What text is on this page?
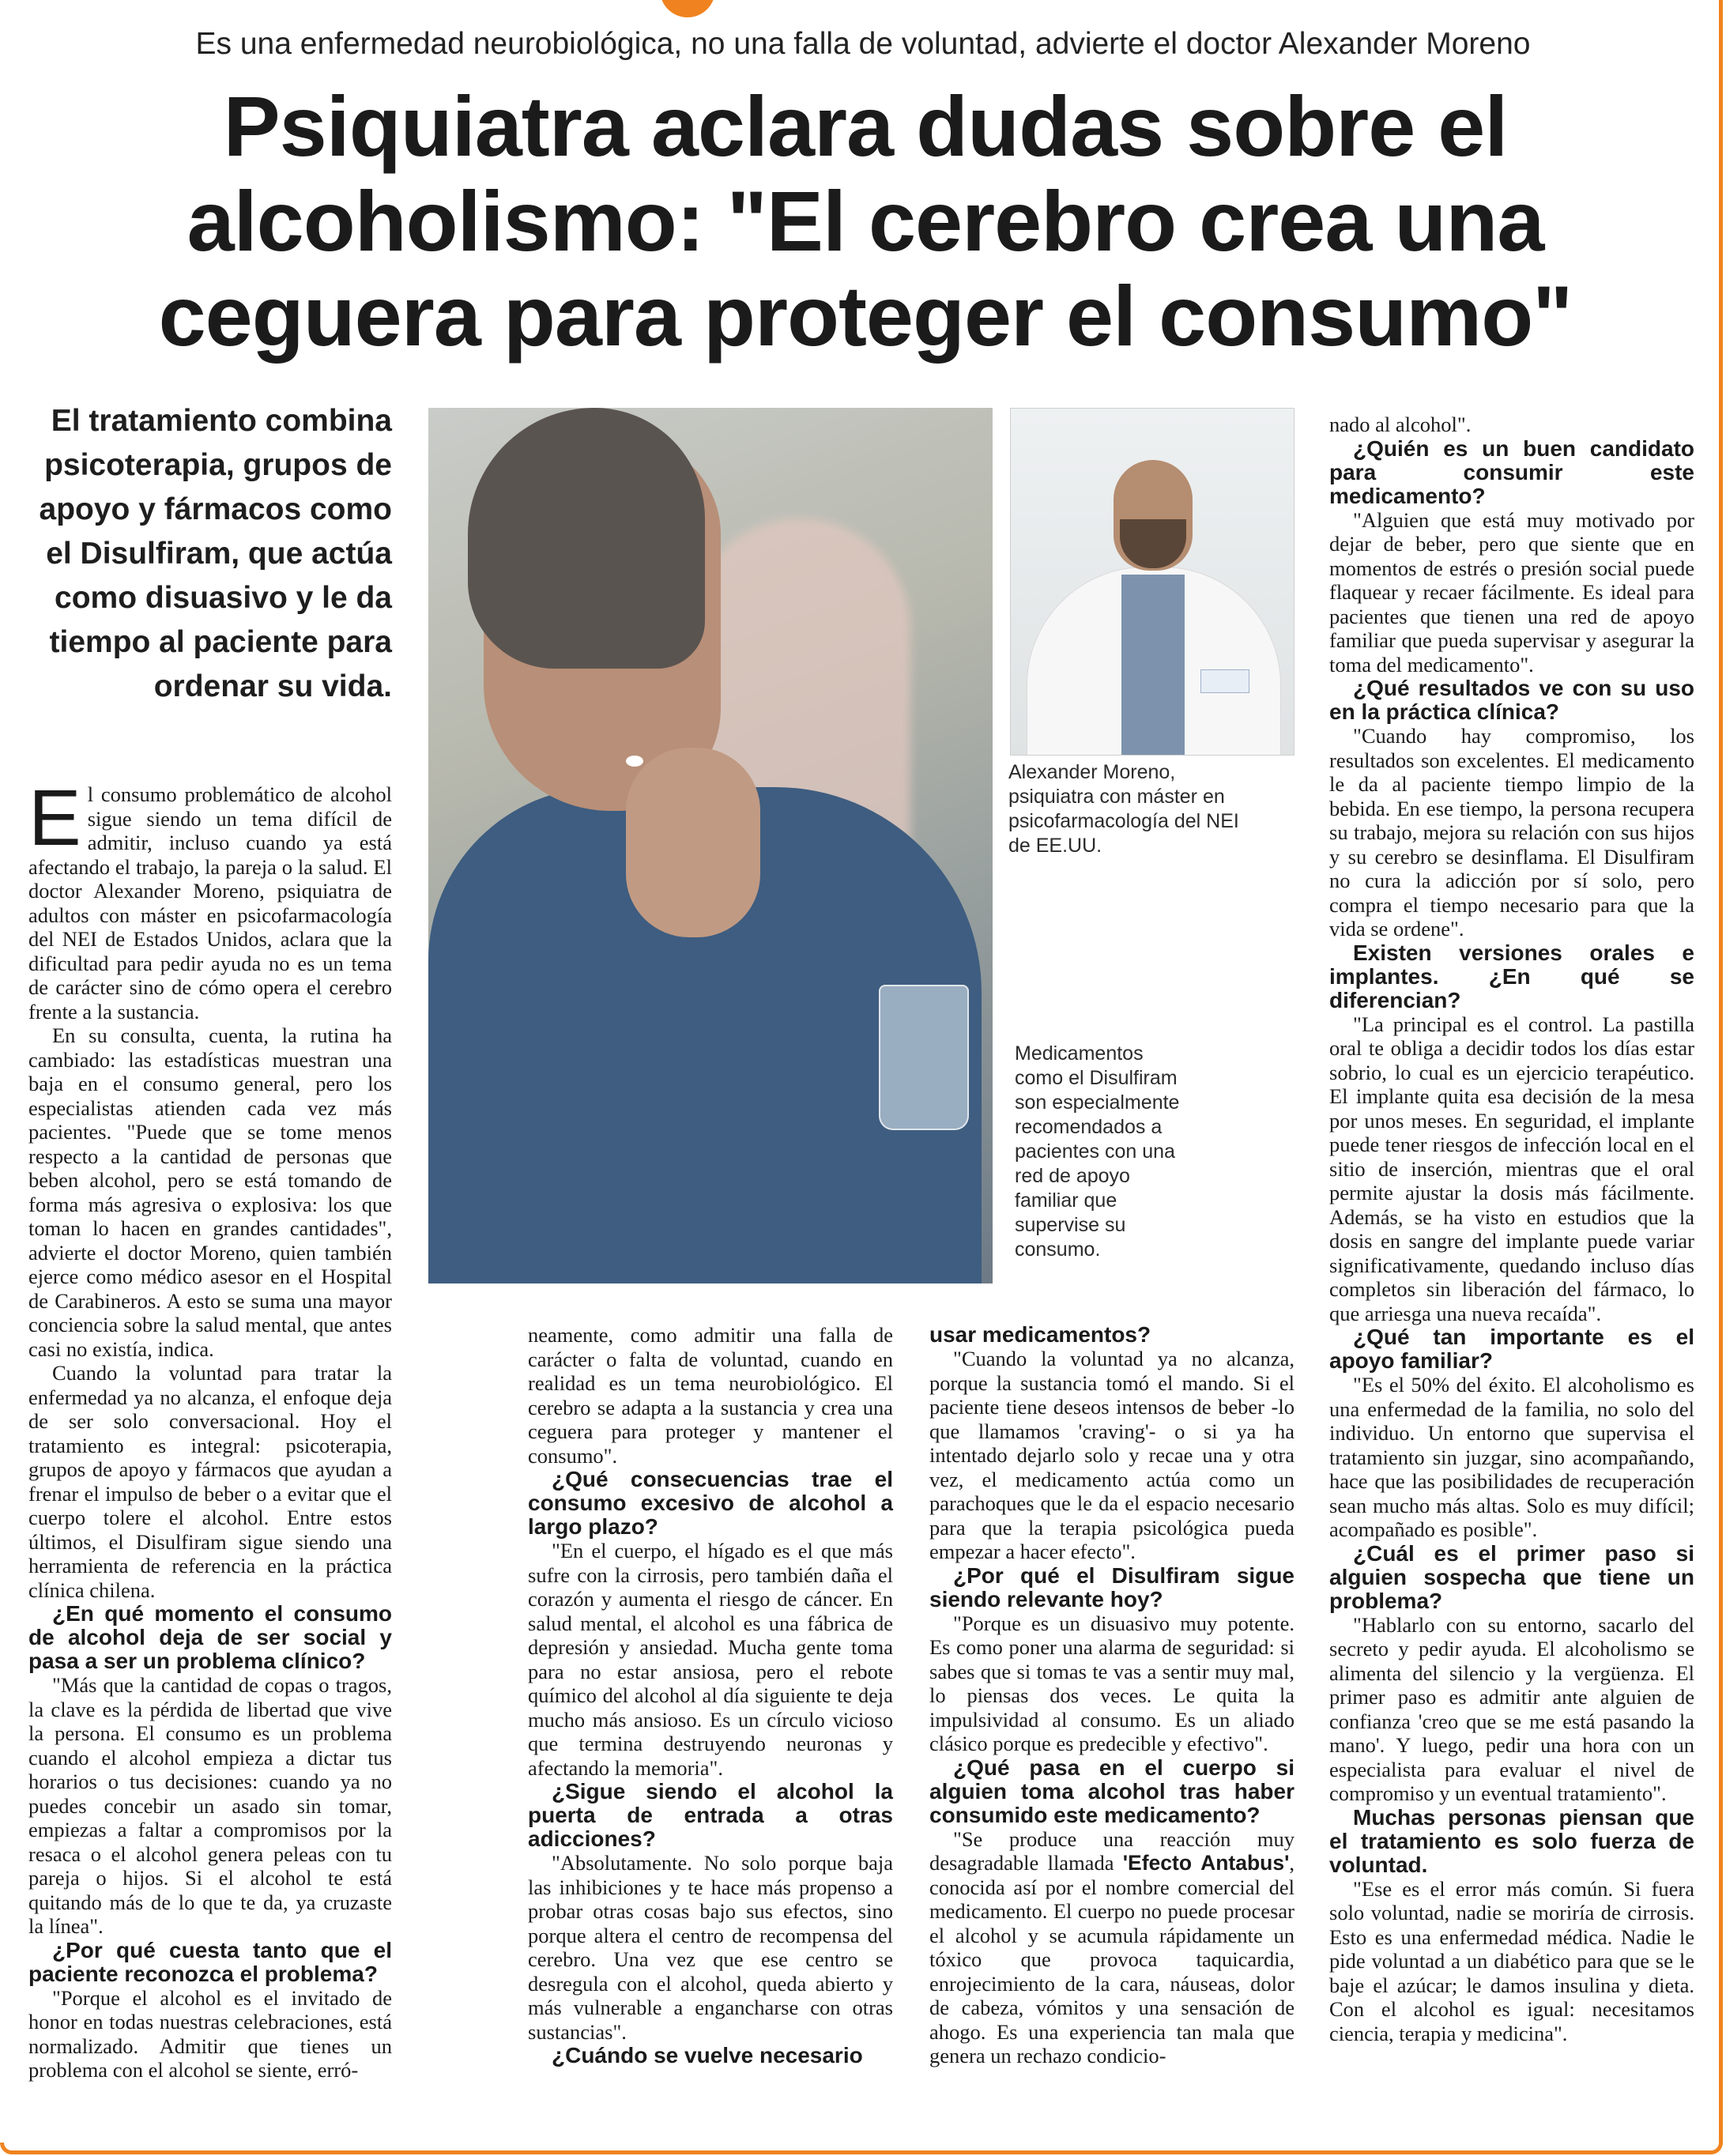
Es una enfermedad neurobiológica, no una falla de voluntad, advierte el doctor Alexander Moreno
Psiquiatra aclara dudas sobre el alcoholismo: "El cerebro crea una ceguera para proteger el consumo"
El tratamiento combina psicoterapia, grupos de apoyo y fármacos como el Disulfiram, que actúa como disuasivo y le da tiempo al paciente para ordenar su vida.
Alexander Moreno, psiquiatra con máster en psicofarmacología del NEI de EE.UU.
Medicamentos como el Disulfiram son especialmente recomendados a pacientes con una red de apoyo familiar que supervise su consumo.

El consumo problemático de alcohol sigue siendo un tema difícil de admitir, incluso cuando ya está afectando el trabajo, la pareja o la salud. El doctor Alexander Moreno, psiquiatra de adultos con máster en psicofarmacología del NEI de Estados Unidos, aclara que la dificultad para pedir ayuda no es un tema de carácter sino de cómo opera el cerebro frente a la sustancia.

En su consulta, cuenta, la rutina ha cambiado: las estadísticas muestran una baja en el consumo general, pero los especialistas atienden cada vez más pacientes. "Puede que se tome menos respecto a la cantidad de personas que beben alcohol, pero se está tomando de forma más agresiva o explosiva: los que toman lo hacen en grandes cantidades", advierte el doctor Moreno, quien también ejerce como médico asesor en el Hospital de Carabineros. A esto se suma una mayor conciencia sobre la salud mental, que antes casi no existía, indica.

Cuando la voluntad para tratar la enfermedad ya no alcanza, el enfoque deja de ser solo conversacional. Hoy el tratamiento es integral: psicoterapia, grupos de apoyo y fármacos que ayudan a frenar el impulso de beber o a evitar que el cuerpo tolere el alcohol. Entre estos últimos, el Disulfiram sigue siendo una herramienta de referencia en la práctica clínica chilena.

¿En qué momento el consumo de alcohol deja de ser social y pasa a ser un problema clínico?

"Más que la cantidad de copas o tragos, la clave es la pérdida de libertad que vive la persona. El consumo es un problema cuando el alcohol empieza a dictar tus horarios o tus decisiones: cuando ya no puedes concebir un asado sin tomar, empiezas a faltar a compromisos por la resaca o el alcohol genera peleas con tu pareja o hijos. Si el alcohol te está quitando más de lo que te da, ya cruzaste la línea".

¿Por qué cuesta tanto que el paciente reconozca el problema?

"Porque el alcohol es el invitado de honor en todas nuestras celebraciones, está normalizado. Admitir que tienes un problema con el alcohol se siente, erró-

neamente, como admitir una falla de carácter o falta de voluntad, cuando en realidad es un tema neurobiológico. El cerebro se adapta a la sustancia y crea una ceguera para proteger y mantener el consumo".

¿Qué consecuencias trae el consumo excesivo de alcohol a largo plazo?

"En el cuerpo, el hígado es el que más sufre con la cirrosis, pero también daña el corazón y aumenta el riesgo de cáncer. En salud mental, el alcohol es una fábrica de depresión y ansiedad. Mucha gente toma para no estar ansiosa, pero el rebote químico del alcohol al día siguiente te deja mucho más ansioso. Es un círculo vicioso que termina destruyendo neuronas y afectando la memoria".

¿Sigue siendo el alcohol la puerta de entrada a otras adicciones?

"Absolutamente. No solo porque baja las inhibiciones y te hace más propenso a probar otras cosas bajo sus efectos, sino porque altera el centro de recompensa del cerebro. Una vez que ese centro se desregula con el alcohol, queda abierto y más vulnerable a engancharse con otras sustancias".

¿Cuándo se vuelve necesario
usar medicamentos?

"Cuando la voluntad ya no alcanza, porque la sustancia tomó el mando. Si el paciente tiene deseos intensos de beber -lo que llamamos 'craving'- o si ya ha intentado dejarlo solo y recae una y otra vez, el medicamento actúa como un parachoques que le da el espacio necesario para que la terapia psicológica pueda empezar a hacer efecto".

¿Por qué el Disulfiram sigue siendo relevante hoy?

"Porque es un disuasivo muy potente. Es como poner una alarma de seguridad: si sabes que si tomas te vas a sentir muy mal, lo piensas dos veces. Le quita la impulsividad al consumo. Es un aliado clásico porque es predecible y efectivo".

¿Qué pasa en el cuerpo si alguien toma alcohol tras haber consumido este medicamento?

"Se produce una reacción muy desagradable llamada 'Efecto Antabus', conocida así por el nombre comercial del medicamento. El cuerpo no puede procesar el alcohol y se acumula rápidamente un tóxico que provoca taquicardia, enrojecimiento de la cara, náuseas, dolor de cabeza, vómitos y una sensación de ahogo. Es una experiencia tan mala que genera un rechazo condicio-

nado al alcohol".

¿Quién es un buen candidato para consumir este medicamento?

"Alguien que está muy motivado por dejar de beber, pero que siente que en momentos de estrés o presión social puede flaquear y recaer fácilmente. Es ideal para pacientes que tienen una red de apoyo familiar que pueda supervisar y asegurar la toma del medicamento".

¿Qué resultados ve con su uso en la práctica clínica?

"Cuando hay compromiso, los resultados son excelentes. El medicamento le da al paciente tiempo limpio de la bebida. En ese tiempo, la persona recupera su trabajo, mejora su relación con sus hijos y su cerebro se desinflama. El Disulfiram no cura la adicción por sí solo, pero compra el tiempo necesario para que la vida se ordene".

Existen versiones orales e implantes. ¿En qué se diferencian?

"La principal es el control. La pastilla oral te obliga a decidir todos los días estar sobrio, lo cual es un ejercicio terapéutico. El implante quita esa decisión de la mesa por unos meses. En seguridad, el implante puede tener riesgos de infección local en el sitio de inserción, mientras que el oral permite ajustar la dosis más fácilmente. Además, se ha visto en estudios que la dosis en sangre del implante puede variar significativamente, quedando incluso días completos sin liberación del fármaco, lo que arriesga una nueva recaída".

¿Qué tan importante es el apoyo familiar?

"Es el 50% del éxito. El alcoholismo es una enfermedad de la familia, no solo del individuo. Un entorno que supervisa el tratamiento sin juzgar, sino acompañando, hace que las posibilidades de recuperación sean mucho más altas. Solo es muy difícil; acompañado es posible".

¿Cuál es el primer paso si alguien sospecha que tiene un problema?

"Hablarlo con su entorno, sacarlo del secreto y pedir ayuda. El alcoholismo se alimenta del silencio y la vergüenza. El primer paso es admitir ante alguien de confianza 'creo que se me está pasando la mano'. Y luego, pedir una hora con un especialista para evaluar el nivel de compromiso y un eventual tratamiento".

Muchas personas piensan que el tratamiento es solo fuerza de voluntad.

"Ese es el error más común. Si fuera solo voluntad, nadie se moriría de cirrosis. Esto es una enfermedad médica. Nadie le pide voluntad a un diabético para que se le baje el azúcar; le damos insulina y dieta. Con el alcohol es igual: necesitamos ciencia, terapia y medicina".
